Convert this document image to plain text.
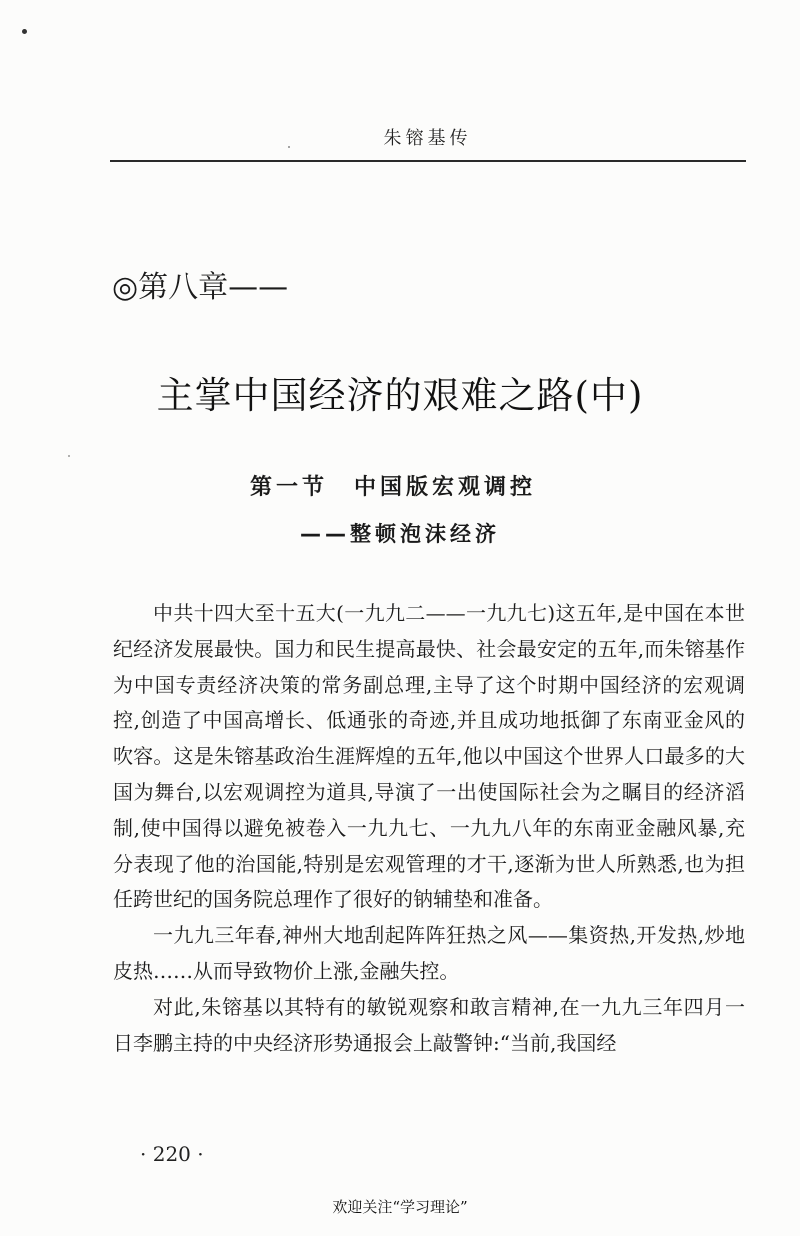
朱镕基传
◎第八章——
主掌中国经济的艰难之路(中)
第一节　中国版宏观调控
——整顿泡沫经济

中共十四大至十五大(一九九二——一九九七)这五年,是中国在本世纪经济发展最快。国力和民生提高最快、社会最安定的五年,而朱镕基作为中国专责经济决策的常务副总理,主导了这个时期中国经济的宏观调控,创造了中国高增长、低通张的奇迹,并且成功地抵御了东南亚金风的吹容。这是朱镕基政治生涯辉煌的五年,他以中国这个世界人口最多的大国为舞台,以宏观调控为道具,导演了一出使国际社会为之瞩目的经济滔制,使中国得以避免被卷入一九九七、一九九八年的东南亚金融风暴,充分表现了他的治国能,特别是宏观管理的才干,逐渐为世人所熟悉,也为担任跨世纪的国务院总理作了很好的钠辅垫和准备。

一九九三年春,神州大地刮起阵阵狂热之风——集资热,开发热,炒地皮热……从而导致物价上涨,金融失控。

对此,朱镕基以其特有的敏锐观察和敢言精神,在一九九三年四月一日李鹏主持的中央经济形势通报会上敲警钟:“当前,我国经

· 220 ·
欢迎关注“学习理论”
